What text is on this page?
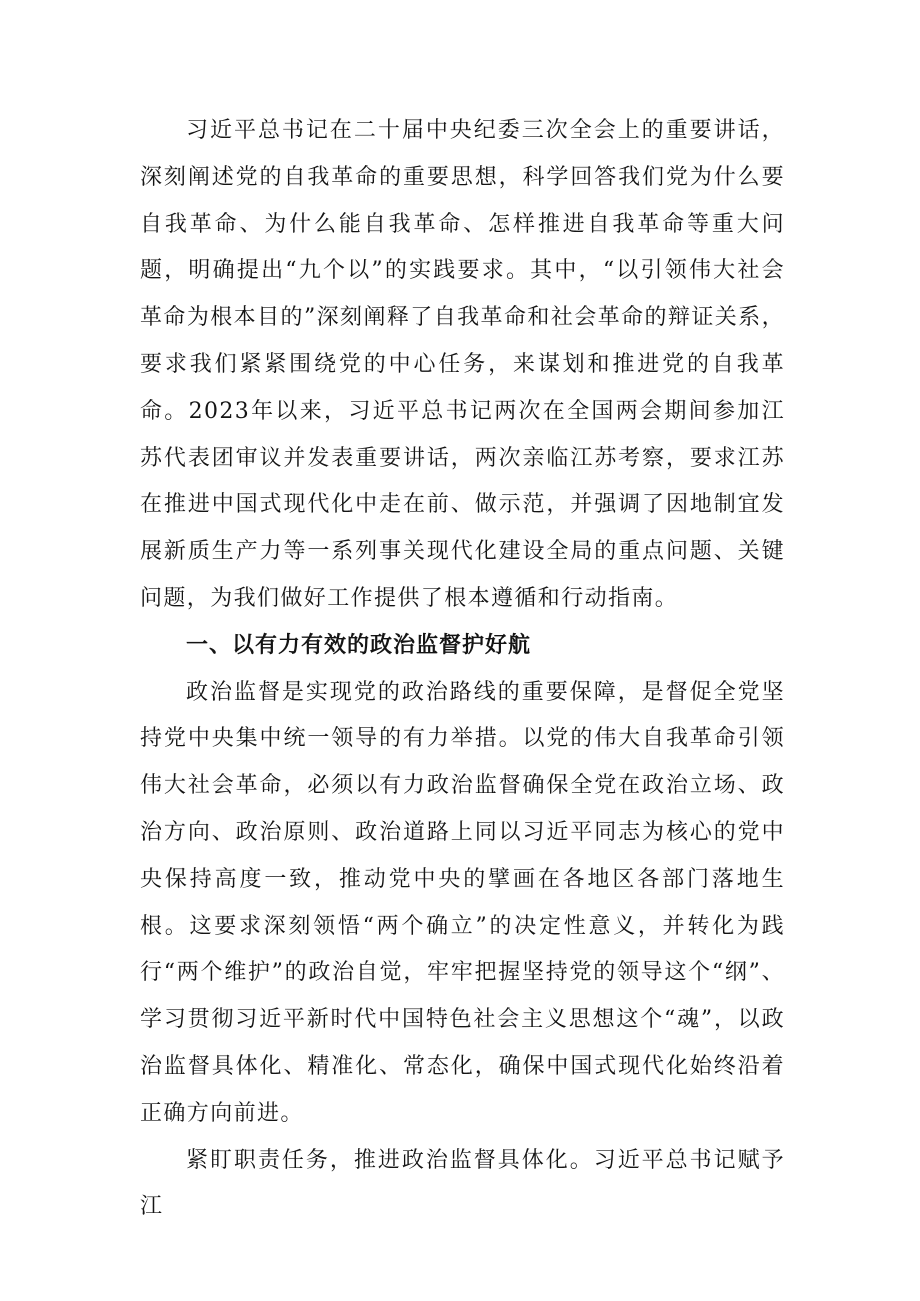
习近平总书记在二十届中央纪委三次全会上的重要讲话，深刻阐述党的自我革命的重要思想，科学回答我们党为什么要自我革命、为什么能自我革命、怎样推进自我革命等重大问题，明确提出“九个以”的实践要求。其中，“以引领伟大社会革命为根本目的”深刻阐释了自我革命和社会革命的辩证关系，要求我们紧紧围绕党的中心任务，来谋划和推进党的自我革命。2023年以来，习近平总书记两次在全国两会期间参加江苏代表团审议并发表重要讲话，两次亲临江苏考察，要求江苏在推进中国式现代化中走在前、做示范，并强调了因地制宜发展新质生产力等一系列事关现代化建设全局的重点问题、关键问题，为我们做好工作提供了根本遵循和行动指南。

一、以有力有效的政治监督护好航

政治监督是实现党的政治路线的重要保障，是督促全党坚持党中央集中统一领导的有力举措。以党的伟大自我革命引领伟大社会革命，必须以有力政治监督确保全党在政治立场、政治方向、政治原则、政治道路上同以习近平同志为核心的党中央保持高度一致，推动党中央的擘画在各地区各部门落地生根。这要求深刻领悟“两个确立”的决定性意义，并转化为践行“两个维护”的政治自觉，牢牢把握坚持党的领导这个“纲”、学习贯彻习近平新时代中国特色社会主义思想这个“魂”，以政治监督具体化、精准化、常态化，确保中国式现代化始终沿着正确方向前进。

紧盯职责任务，推进政治监督具体化。习近平总书记赋予江
